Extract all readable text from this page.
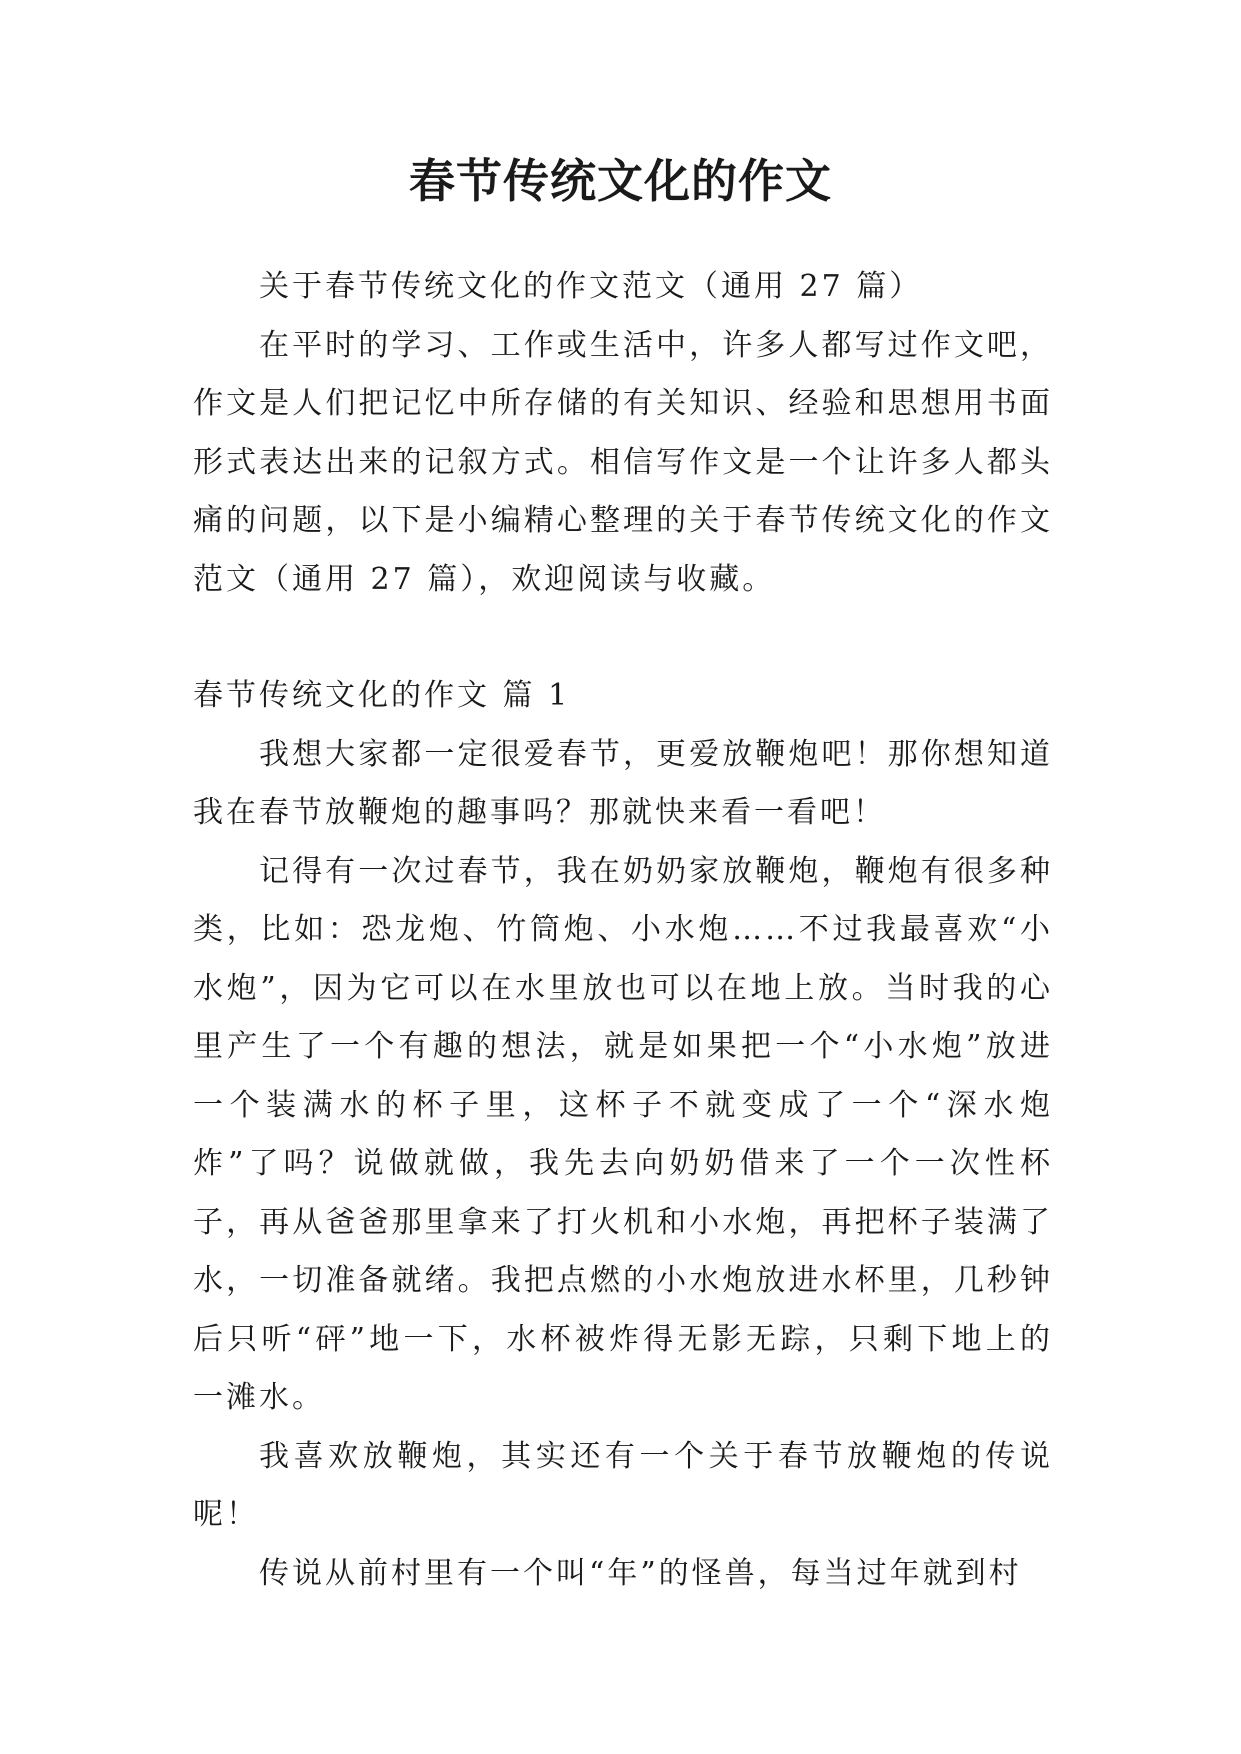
春节传统文化的作文

关于春节传统文化的作文范文（通用 27 篇）

在平时的学习、工作或生活中，许多人都写过作文吧，作文是人们把记忆中所存储的有关知识、经验和思想用书面形式表达出来的记叙方式。相信写作文是一个让许多人都头痛的问题，以下是小编精心整理的关于春节传统文化的作文范文（通用 27 篇），欢迎阅读与收藏。

春节传统文化的作文 篇 1

我想大家都一定很爱春节，更爱放鞭炮吧！那你想知道我在春节放鞭炮的趣事吗？那就快来看一看吧！

记得有一次过春节，我在奶奶家放鞭炮，鞭炮有很多种类，比如：恐龙炮、竹筒炮、小水炮……不过我最喜欢“小水炮”，因为它可以在水里放也可以在地上放。当时我的心里产生了一个有趣的想法，就是如果把一个“小水炮”放进一个装满水的杯子里，这杯子不就变成了一个“深水炮炸”了吗？说做就做，我先去向奶奶借来了一个一次性杯子，再从爸爸那里拿来了打火机和小水炮，再把杯子装满了水，一切准备就绪。我把点燃的小水炮放进水杯里，几秒钟后只听“砰”地一下，水杯被炸得无影无踪，只剩下地上的一滩水。

我喜欢放鞭炮，其实还有一个关于春节放鞭炮的传说呢！

传说从前村里有一个叫“年”的怪兽，每当过年就到村
